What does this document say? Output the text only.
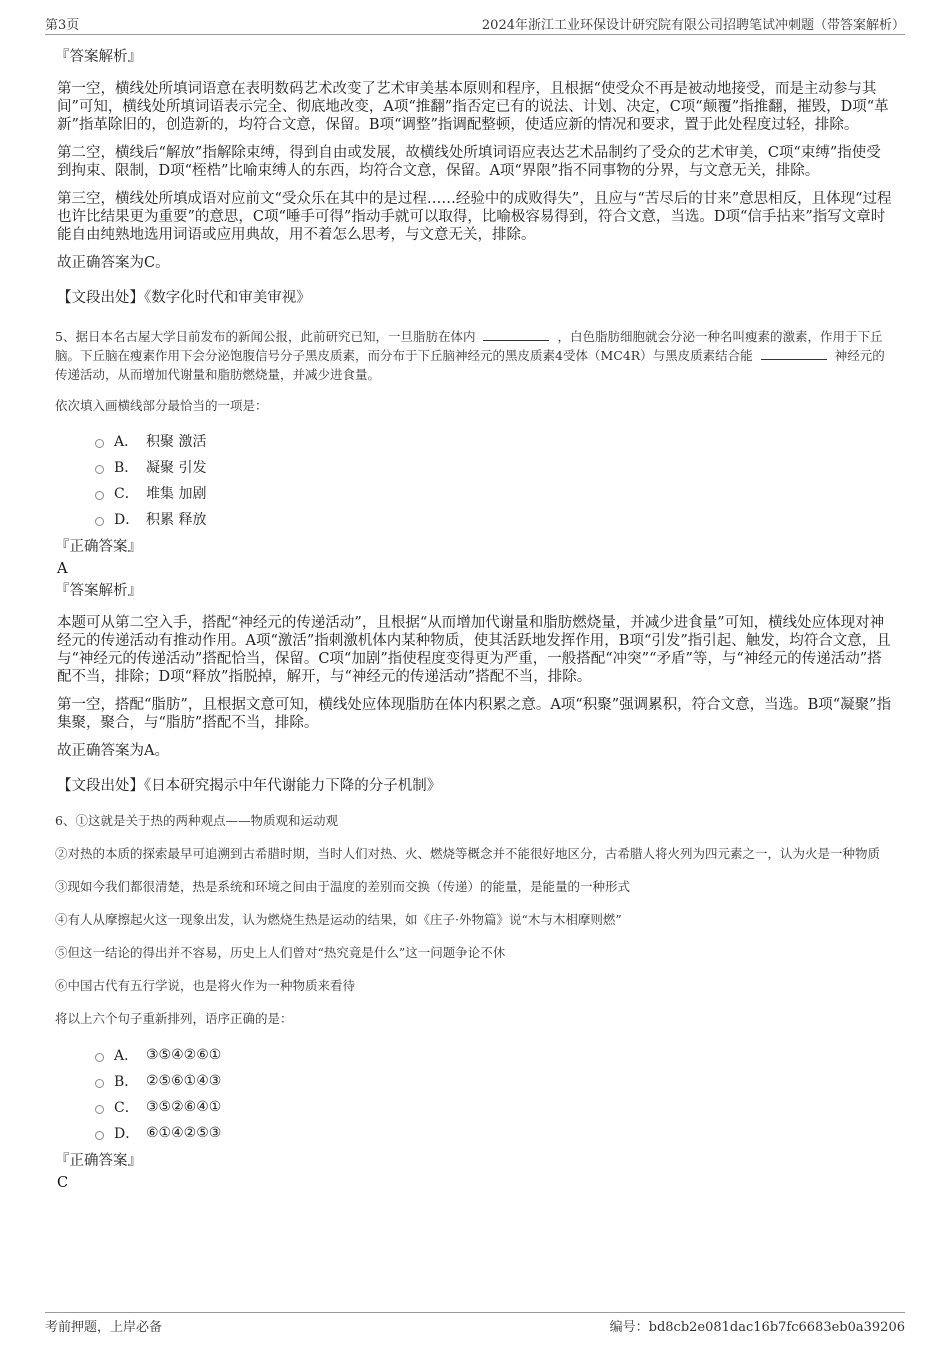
第3页	2024年浙江工业环保设计研究院有限公司招聘笔试冲刺题（带答案解析）

『答案解析』

第一空，横线处所填词语意在表明数码艺术改变了艺术审美基本原则和程序，且根据“使受众不再是被动地接受，而是主动参与其间”可知，横线处所填词语表示完全、彻底地改变，A项“推翻”指否定已有的说法、计划、决定，C项“颠覆”指推翻，摧毁，D项“革新”指革除旧的，创造新的，均符合文意，保留。B项“调整”指调配整顿，使适应新的情况和要求，置于此处程度过轻，排除。

第二空，横线后“解放”指解除束缚，得到自由或发展，故横线处所填词语应表达艺术品制约了受众的艺术审美，C项“束缚”指使受到拘束、限制，D项“桎梏”比喻束缚人的东西，均符合文意，保留。A项“界限”指不同事物的分界，与文意无关，排除。

第三空，横线处所填成语对应前文“受众乐在其中的是过程……经验中的成败得失”，且应与“苦尽后的甘来”意思相反，且体现“过程也许比结果更为重要”的意思，C项“唾手可得”指动手就可以取得，比喻极容易得到，符合文意，当选。D项“信手拈来”指写文章时能自由纯熟地选用词语或应用典故，用不着怎么思考，与文意无关，排除。

故正确答案为C。

【文段出处】《数字化时代和审美审视》

5、据日本名古屋大学日前发布的新闻公报，此前研究已知，一旦脂肪在体内	，白色脂肪细胞就会分泌一种名叫瘦素的激素，作用于下丘脑。下丘脑在瘦素作用下会分泌饱腹信号分子黑皮质素，而分布于下丘脑神经元的黑皮质素4受体（MC4R）与黑皮质素结合能	神经元的传递活动，从而增加代谢量和脂肪燃烧量，并减少进食量。

依次填入画横线部分最恰当的一项是：

A． 积聚 激活
B． 凝聚 引发
C． 堆集 加剧
D． 积累 释放

『正确答案』

A

『答案解析』

本题可从第二空入手，搭配“神经元的传递活动”，且根据“从而增加代谢量和脂肪燃烧量，并减少进食量”可知，横线处应体现对神经元的传递活动有推动作用。A项“激活”指刺激机体内某种物质，使其活跃地发挥作用，B项“引发”指引起、触发，均符合文意，且与“神经元的传递活动”搭配恰当，保留。C项“加剧”指使程度变得更为严重，一般搭配“冲突”“矛盾”等，与“神经元的传递活动”搭配不当，排除；D项“释放”指脱掉，解开，与“神经元的传递活动”搭配不当，排除。

第一空，搭配“脂肪”，且根据文意可知，横线处应体现脂肪在体内积累之意。A项“积聚”强调累积，符合文意，当选。B项“凝聚”指集聚，聚合，与“脂肪”搭配不当，排除。

故正确答案为A。

【文段出处】《日本研究揭示中年代谢能力下降的分子机制》

6、①这就是关于热的两种观点——物质观和运动观

②对热的本质的探索最早可追溯到古希腊时期，当时人们对热、火、燃烧等概念并不能很好地区分，古希腊人将火列为四元素之一，认为火是一种物质

③现如今我们都很清楚，热是系统和环境之间由于温度的差别而交换（传递）的能量，是能量的一种形式

④有人从摩擦起火这一现象出发，认为燃烧生热是运动的结果，如《庄子·外物篇》说“木与木相摩则燃”

⑤但这一结论的得出并不容易，历史上人们曾对“热究竟是什么”这一问题争论不休

⑥中国古代有五行学说，也是将火作为一种物质来看待

将以上六个句子重新排列，语序正确的是：

A． ③⑤④②⑥①
B． ②⑤⑥①④③
C． ③⑤②⑥④①
D． ⑥①④②⑤③

『正确答案』

C

考前押题，上岸必备	编号：bd8cb2e081dac16b7fc6683eb0a39206
